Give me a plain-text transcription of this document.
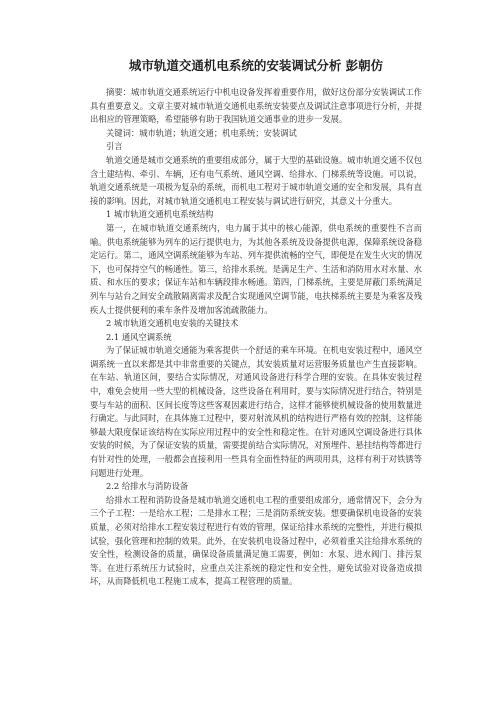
城市轨道交通机电系统的安装调试分析 彭朝仿

摘要：城市轨道交通系统运行中机电设备发挥着重要作用，做好这份部分安装调试工作具有重要意义。文章主要对城市轨道交通机电系统安装要点及调试注意事项进行分析，并提出相应的管理策略，希望能够有助于我国轨道交通事业的进步一发展。

关键词：城市轨道；轨道交通；机电系统；安装调试

引言

轨道交通是城市交通系统的重要组成部分，属于大型的基础设施。城市轨道交通不仅包含土建结构、牵引、车辆，还有电气系统、通风空调、给排水、门梯系统等设施。可以说，轨道交通系统是一项极为复杂的系统，而机电工程对于城市轨道交通的安全和发展，具有直接的影响。因此，对城市轨道交通机电工程安装与调试进行研究，其意义十分重大。

1 城市轨道交通机电系统结构

第一，在城市轨道交通系统内，电力属于其中的核心能源，供电系统的重要性不言而喻。供电系统能够为列车的运行提供电力，为其他各系统及设备提供电源，保障系统设备稳定运行。第二，通风空调系统能够为车站、列车提供流畅的空气，即便是在发生火灾的情况下，也可保持空气的畅通性。第三，给排水系统。是满足生产、生活和消防用水对水量、水质、和水压的要求；保证车站和车辆段排水畅通。第四，门梯系统，主要是屏蔽门系统满足列车与站台之间安全疏散隔离需求及配合实现通风空调节能，电扶梯系统主要是为乘客及残疾人士提供便利的乘车条件及增加客流疏散能力。

2 城市轨道交通机电安装的关键技术

2.1 通风空调系统

为了保证城市轨道交通能为乘客提供一个舒适的乘车环境。在机电安装过程中，通风空调系统一直以来都是其中非常重要的关键点，其安装质量对运营服务质量也产生直接影响。在车站、轨道区间，要结合实际情况，对通风设备进行科学合理的安装。在具体安装过程中，难免会使用一些大型的机械设备，这些设备在利用时，要与实际情况进行结合，特别是要与车站的面积、区间长度等这些客观因素进行结合，这样才能够使机械设备的使用数量进行确定。与此同时，在具体施工过程中，要对射流风机的结构进行严格有效的控制，这样能够最大限度保证该结构在实际应用过程中的安全性和稳定性。在针对通风空调设备进行具体安装的时候，为了保证安装的质量，需要提前结合实际情况，对预埋件、悬挂结构等都进行有针对性的处理，一般都会直接利用一些具有全面性特征的两项用具，这样有利于对铁锈等问题进行处理。

2.2 给排水与消防设备

给排水工程和消防设备是城市轨道交通机电工程的重要组成部分，通常情况下，会分为三个子工程：一是给水工程；二是排水工程；三是消防系统安装。想要确保机电设备的安装质量，必须对给排水工程安装过程进行有效的管理，保证给排水系统的完整性，并进行模拟试验，强化管理和控制的效果。此外，在安装机电设备过程中，必须着重关注给排水系统的安全性，检测设备的质量，确保设备质量满足施工需要，例如：水泵、进水阀门、排污泵等。在进行系统压力试验时，应重点关注系统的稳定性和安全性，避免试验对设备造成损坏，从而降低机电工程施工成本，提高工程管理的质量。
